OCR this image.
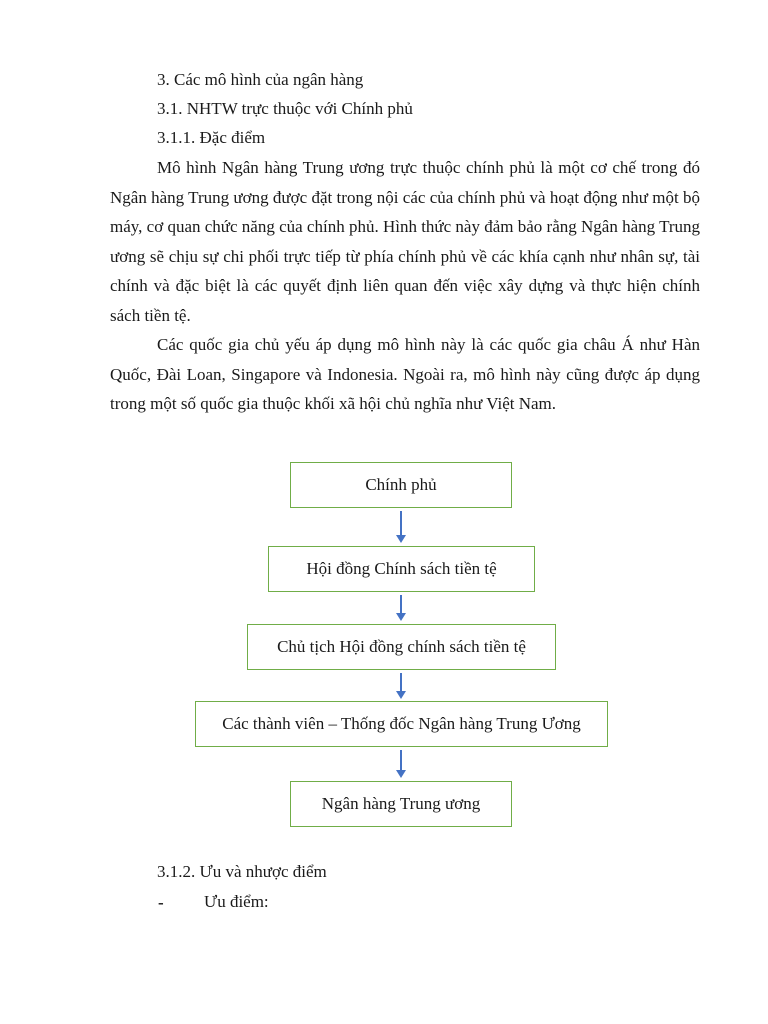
3. Các mô hình của ngân hàng
3.1. NHTW trực thuộc với Chính phủ
3.1.1. Đặc điểm

Mô hình Ngân hàng Trung ương trực thuộc chính phủ là một cơ chế trong đó Ngân hàng Trung ương được đặt trong nội các của chính phủ và hoạt động như một bộ máy, cơ quan chức năng của chính phủ. Hình thức này đảm bảo rằng Ngân hàng Trung ương sẽ chịu sự chi phối trực tiếp từ phía chính phủ về các khía cạnh như nhân sự, tài chính và đặc biệt là các quyết định liên quan đến việc xây dựng và thực hiện chính sách tiền tệ.

Các quốc gia chủ yếu áp dụng mô hình này là các quốc gia châu Á như Hàn Quốc, Đài Loan, Singapore và Indonesia. Ngoài ra, mô hình này cũng được áp dụng trong một số quốc gia thuộc khối xã hội chủ nghĩa như Việt Nam.

Chính phủ
Hội đồng Chính sách tiền tệ
Chủ tịch Hội đồng chính sách tiền tệ
Các thành viên – Thống đốc Ngân hàng Trung Ương
Ngân hàng Trung ương
3.1.2. Ưu và nhược điểm
- Ưu điểm:
